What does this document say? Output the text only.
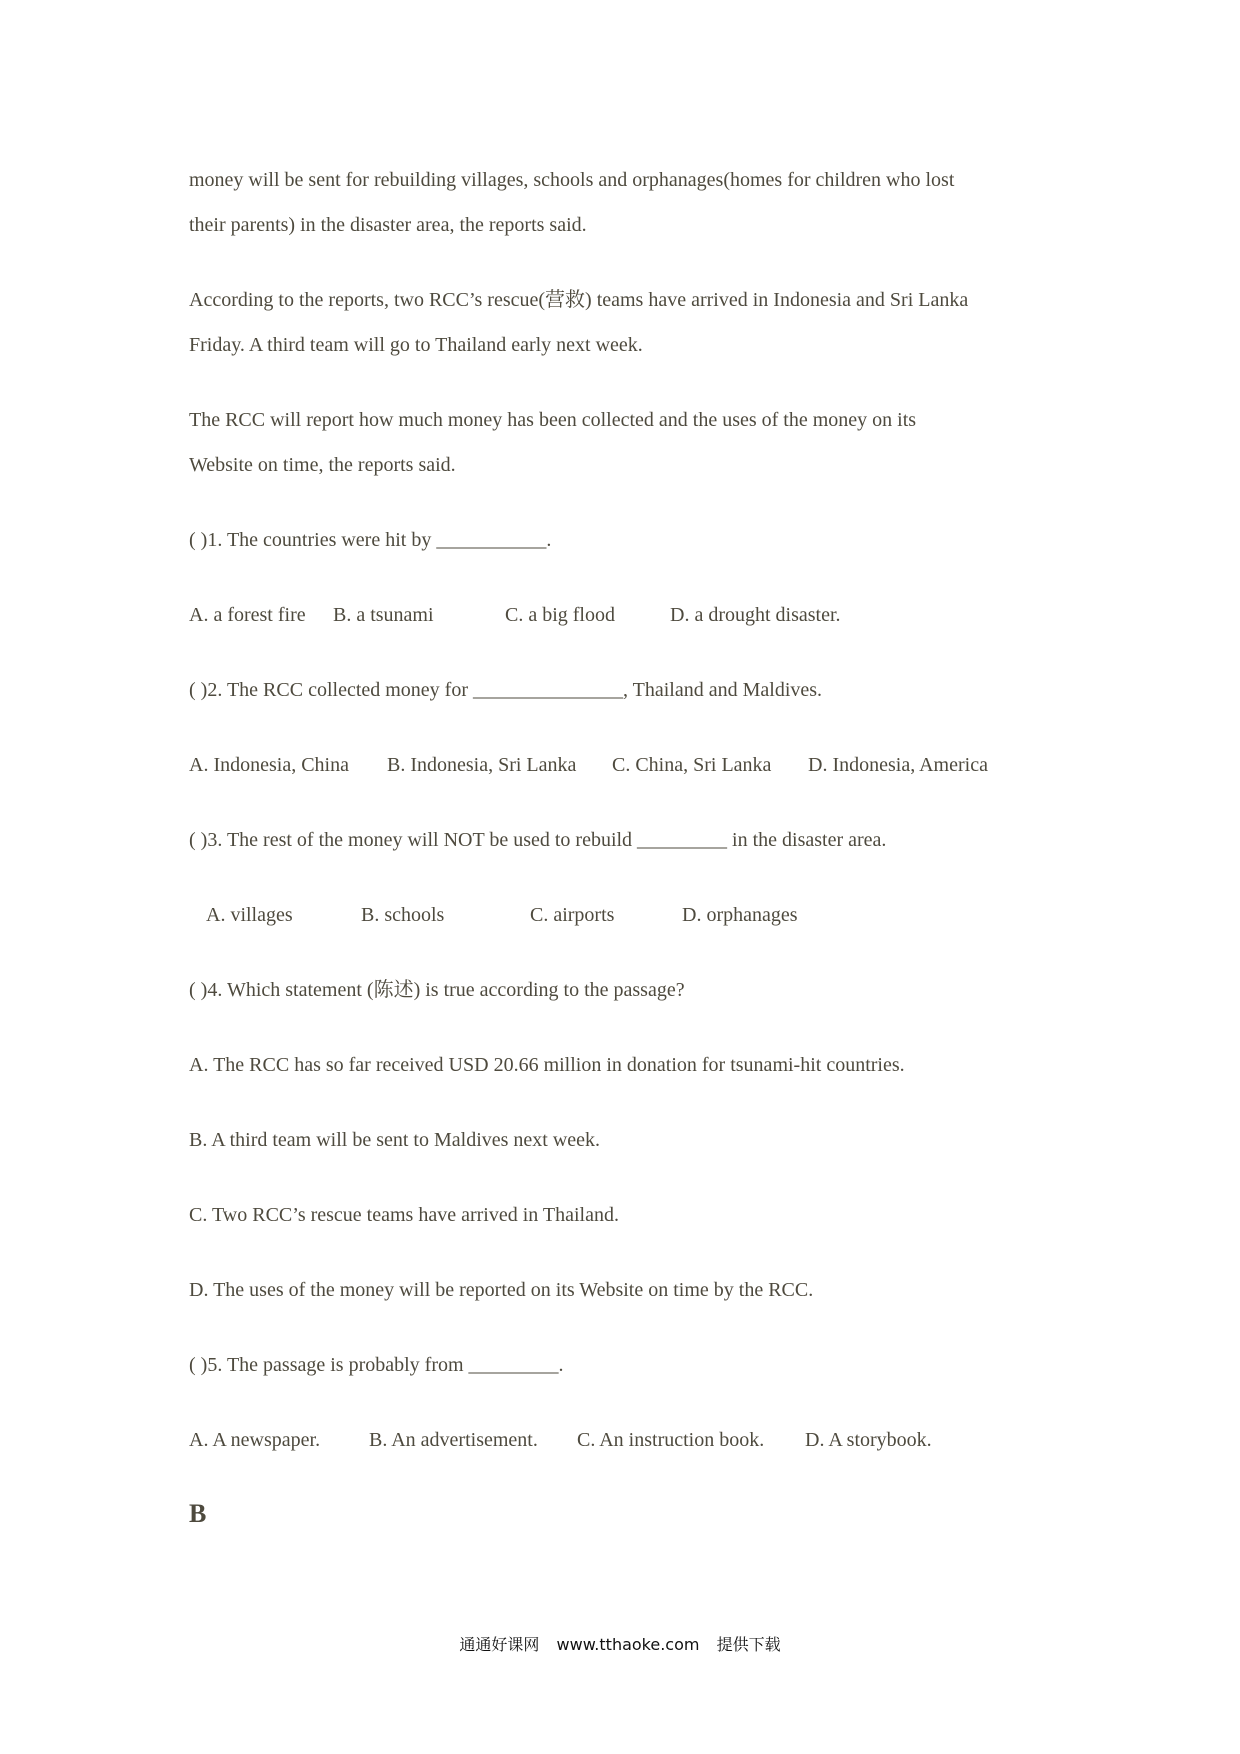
money will be sent for rebuilding villages, schools and orphanages(homes for children who lost
their parents) in the disaster area, the reports said.
According to the reports, two RCC’s rescue(营救) teams have arrived in Indonesia and Sri Lanka
Friday. A third team will go to Thailand early next week.
The RCC will report how much money has been collected and the uses of the money on its
Website on time, the reports said.
( )1. The countries were hit by ___________.
A. a forest fire B. a tsunami	C. a big flood	D. a drought disaster.
( )2. The RCC collected money for _______________, Thailand and Maldives.
A. Indonesia, China B. Indonesia, Sri Lanka C. China, Sri Lanka D. Indonesia, America
( )3. The rest of the money will NOT be used to rebuild _________ in the disaster area.
A. villages	B. schools	C. airports	D. orphanages
( )4. Which statement (陈述) is true according to the passage?
A. The RCC has so far received USD 20.66 million in donation for tsunami-hit countries.
B. A third team will be sent to Maldives next week.
C. Two RCC’s rescue teams have arrived in Thailand.
D. The uses of the money will be reported on its Website on time by the RCC.
( )5. The passage is probably from _________.
A. A newspaper. B. An advertisement. C. An instruction book. D. A storybook.
B
通通好课网 www.tthaoke.com 提供下载
